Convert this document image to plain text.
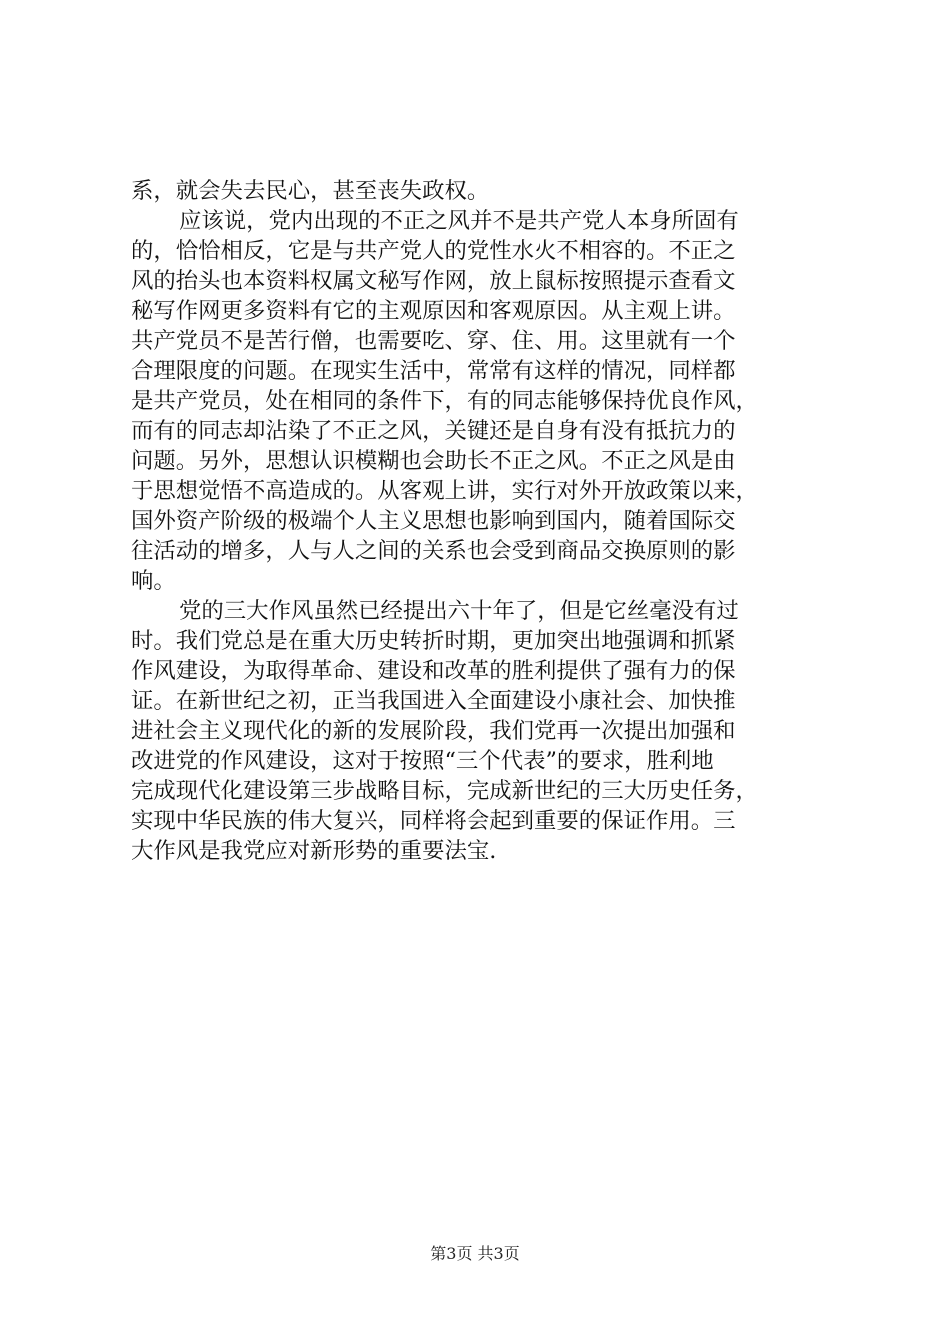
系，就会失去民心，甚至丧失政权。
应该说，党内出现的不正之风并不是共产党人本身所固有
的，恰恰相反，它是与共产党人的党性水火不相容的。不正之
风的抬头也本资料权属文秘写作网，放上鼠标按照提示查看文
秘写作网更多资料有它的主观原因和客观原因。从主观上讲。
共产党员不是苦行僧，也需要吃、穿、住、用。这里就有一个
合理限度的问题。在现实生活中，常常有这样的情况，同样都
是共产党员，处在相同的条件下，有的同志能够保持优良作风，
而有的同志却沾染了不正之风，关键还是自身有没有抵抗力的
问题。另外，思想认识模糊也会助长不正之风。不正之风是由
于思想觉悟不高造成的。从客观上讲，实行对外开放政策以来，
国外资产阶级的极端个人主义思想也影响到国内，随着国际交
往活动的增多，人与人之间的关系也会受到商品交换原则的影
响。
党的三大作风虽然已经提出六十年了，但是它丝毫没有过
时。我们党总是在重大历史转折时期，更加突出地强调和抓紧
作风建设，为取得革命、建设和改革的胜利提供了强有力的保
证。在新世纪之初，正当我国进入全面建设小康社会、加快推
进社会主义现代化的新的发展阶段，我们党再一次提出加强和
改进党的作风建设，这对于按照“三个代表”的要求，胜利地
完成现代化建设第三步战略目标，完成新世纪的三大历史任务，
实现中华民族的伟大复兴，同样将会起到重要的保证作用。三
大作风是我党应对新形势的重要法宝.
第3页 共3页
